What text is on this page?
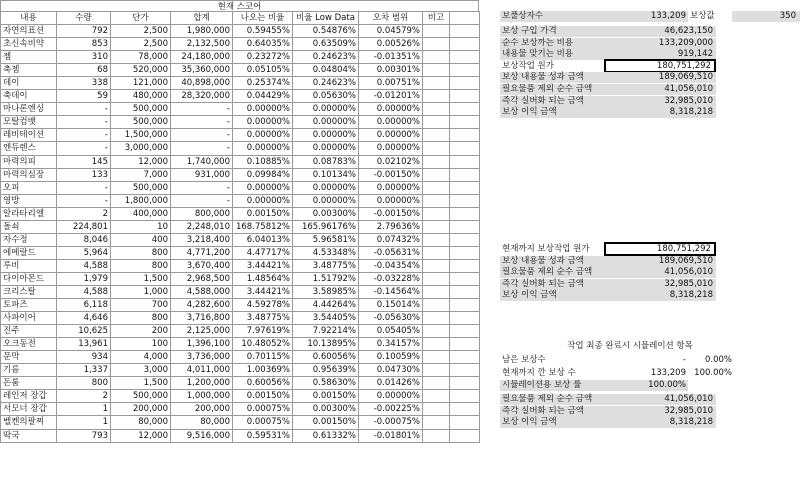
현재 스코어
내용	수량	단가	합계	나오는 비율	비율 Low Data	오차 범위	비고	
자연의표션	792	2,500	1,980,000	0.59455%	0.54876%	0.04579%		
초신속비약	853	2,500	2,132,500	0.64035%	0.63509%	0.00526%		
젬	310	78,000	24,180,000	0.23272%	0.24623%	-0.01351%		
축젬	68	520,000	35,360,000	0.05105%	0.04804%	0.00301%		
데이	338	121,000	40,898,000	0.25374%	0.24623%	0.00751%		
축데이	59	480,000	28,320,000	0.04429%	0.05630%	-0.01201%		
마나론엔싱	-	500,000	-	0.00000%	0.00000%	0.00000%		
모탈컴뱃	-	500,000	-	0.00000%	0.00000%	0.00000%		
레비테이션	-	1,500,000	-	0.00000%	0.00000%	0.00000%		
엔듀렌스	-	3,000,000	-	0.00000%	0.00000%	0.00000%		
마력의피	145	12,000	1,740,000	0.10885%	0.08783%	0.02102%		
마력의심장	133	7,000	931,000	0.09984%	0.10134%	-0.00150%		
오피	-	500,000	-	0.00000%	0.00000%	0.00000%		
영방	-	1,800,000	-	0.00000%	0.00000%	0.00000%		
알라타리엘	2	400,000	800,000	0.00150%	0.00300%	-0.00150%		
돌쇠	224,801	10	2,248,010	168.75812%	165.96176%	2.79636%		
자수정	8,046	400	3,218,400	6.04013%	5.96581%	0.07432%		
에메랄드	5,964	800	4,771,200	4.47717%	4.53348%	-0.05631%		
루비	4,588	800	3,670,400	3.44421%	3.48775%	-0.04354%		
다이아몬드	1,979	1,500	2,968,500	1.48564%	1.51792%	-0.03228%		
크리스탈	4,588	1,000	4,588,000	3.44421%	3.58985%	-0.14564%		
토파즈	6,118	700	4,282,600	4.59278%	4.44264%	0.15014%		
사파이어	4,646	800	3,716,800	3.48775%	3.54405%	-0.05630%		
진주	10,625	200	2,125,000	7.97619%	7.92214%	0.05405%		
오크동전	13,961	100	1,396,100	10.48052%	10.13895%	0.34157%		
문막	934	4,000	3,736,000	0.70115%	0.60056%	0.10059%		
기름	1,337	3,000	4,011,000	1.00369%	0.95639%	0.04730%		
돈룸	800	1,500	1,200,000	0.60056%	0.58630%	0.01426%		
레인저 장갑	2	500,000	1,000,000	0.00150%	0.00150%	0.00000%		
서모너 장갑	1	200,000	200,000	0.00075%	0.00300%	-0.00225%		
벨켄의팔찌	1	80,000	80,000	0.00075%	0.00150%	-0.00075%		
딱국	793	12,000	9,516,000	0.59531%	0.61332%	-0.01801%		
보풀상자수	133,209 보상값	350
보상 구입 가격	46,623,150
순수 보상까는 비용	133,209,000
내용물 맞기는 비용	919,142
보상작업 원가	180,751,292
보상 내용물 성과 금액	189,069,510
필요물품 제외 순수 금액	41,056,010
즉각 실버화 되는 금액	32,985,010
보상 이익 금액	8,318,218
현재까지 보상작업 원가	180,751,292
보상 내용물 성과 금액	189,069,510
필요물품 제외 순수 금액	41,056,010
즉각 실버화 되는 금액	32,985,010
보상 이익 금액	8,318,218
작업 최종 완료시 시뮬레이션 항목
남은 보상수	-	0.00%
현재까지 깐 보상 수	133,209 100.00%
시뮬레이션용 보상 률	100.00%
필요물품 제외 순수 금액	41,056,010
즉각 실버화 되는 금액	32,985,010
보상 이익 금액	8,318,218
